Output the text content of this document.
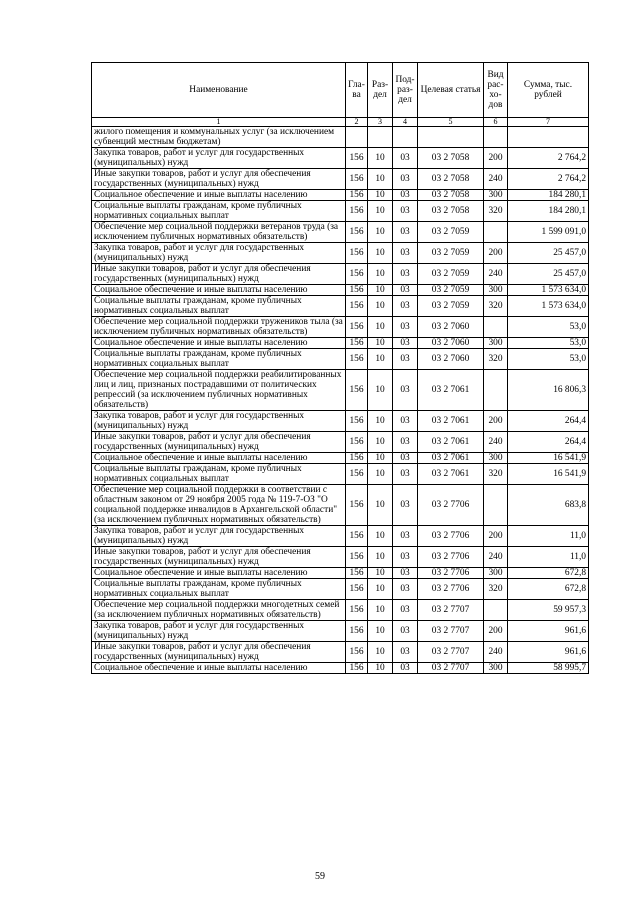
Наименование	Гла-ва	Раз-дел	Под-раз-дел	Целевая статья	Вид рас-хо-дов	Сумма, тыс. рублей
1	2	3	4	5	6	7
жилого помещения и коммунальных услуг (за исключением субвенций местным бюджетам)						
Закупка товаров, работ и услуг для государственных (муниципальных) нужд	156	10	03	03 2 7058	200	2 764,2
Иные закупки товаров, работ и услуг для обеспечения государственных (муниципальных) нужд	156	10	03	03 2 7058	240	2 764,2
Социальное обеспечение и иные выплаты населению	156	10	03	03 2 7058	300	184 280,1
Социальные выплаты гражданам, кроме публичных нормативных социальных выплат	156	10	03	03 2 7058	320	184 280,1
Обеспечение мер социальной поддержки ветеранов труда (за исключением публичных нормативных обязательств)	156	10	03	03 2 7059		1 599 091,0
Закупка товаров, работ и услуг для государственных (муниципальных) нужд	156	10	03	03 2 7059	200	25 457,0
Иные закупки товаров, работ и услуг для обеспечения государственных (муниципальных) нужд	156	10	03	03 2 7059	240	25 457,0
Социальное обеспечение и иные выплаты населению	156	10	03	03 2 7059	300	1 573 634,0
Социальные выплаты гражданам, кроме публичных нормативных социальных выплат	156	10	03	03 2 7059	320	1 573 634,0
Обеспечение мер социальной поддержки тружеников тыла (за исключением публичных нормативных обязательств)	156	10	03	03 2 7060		53,0
Социальное обеспечение и иные выплаты населению	156	10	03	03 2 7060	300	53,0
Социальные выплаты гражданам, кроме публичных нормативных социальных выплат	156	10	03	03 2 7060	320	53,0
Обеспечение мер социальной поддержки реабилитированных лиц и лиц, признаных пострадавшими от политических репрессий (за исключением публичных нормативных обязательств)	156	10	03	03 2 7061		16 806,3
Закупка товаров, работ и услуг для государственных (муниципальных) нужд	156	10	03	03 2 7061	200	264,4
Иные закупки товаров, работ и услуг для обеспечения государственных (муниципальных) нужд	156	10	03	03 2 7061	240	264,4
Социальное обеспечение и иные выплаты населению	156	10	03	03 2 7061	300	16 541,9
Социальные выплаты гражданам, кроме публичных нормативных социальных выплат	156	10	03	03 2 7061	320	16 541,9
Обеспечение мер социальной поддержки в соответствии с областным законом от 29 ноября 2005 года № 119-7-ОЗ "О социальной поддержке инвалидов в Архангельской области" (за исключением публичных нормативных обязательств)	156	10	03	03 2 7706		683,8
Закупка товаров, работ и услуг для государственных (муниципальных) нужд	156	10	03	03 2 7706	200	11,0
Иные закупки товаров, работ и услуг для обеспечения государственных (муниципальных) нужд	156	10	03	03 2 7706	240	11,0
Социальное обеспечение и иные выплаты населению	156	10	03	03 2 7706	300	672,8
Социальные выплаты гражданам, кроме публичных нормативных социальных выплат	156	10	03	03 2 7706	320	672,8
Обеспечение мер социальной поддержки многодетных семей (за исключением публичных нормативных обязательств)	156	10	03	03 2 7707		59 957,3
Закупка товаров, работ и услуг для государственных (муниципальных) нужд	156	10	03	03 2 7707	200	961,6
Иные закупки товаров, работ и услуг для обеспечения государственных (муниципальных) нужд	156	10	03	03 2 7707	240	961,6
Социальное обеспечение и иные выплаты населению	156	10	03	03 2 7707	300	58 995,7
59
